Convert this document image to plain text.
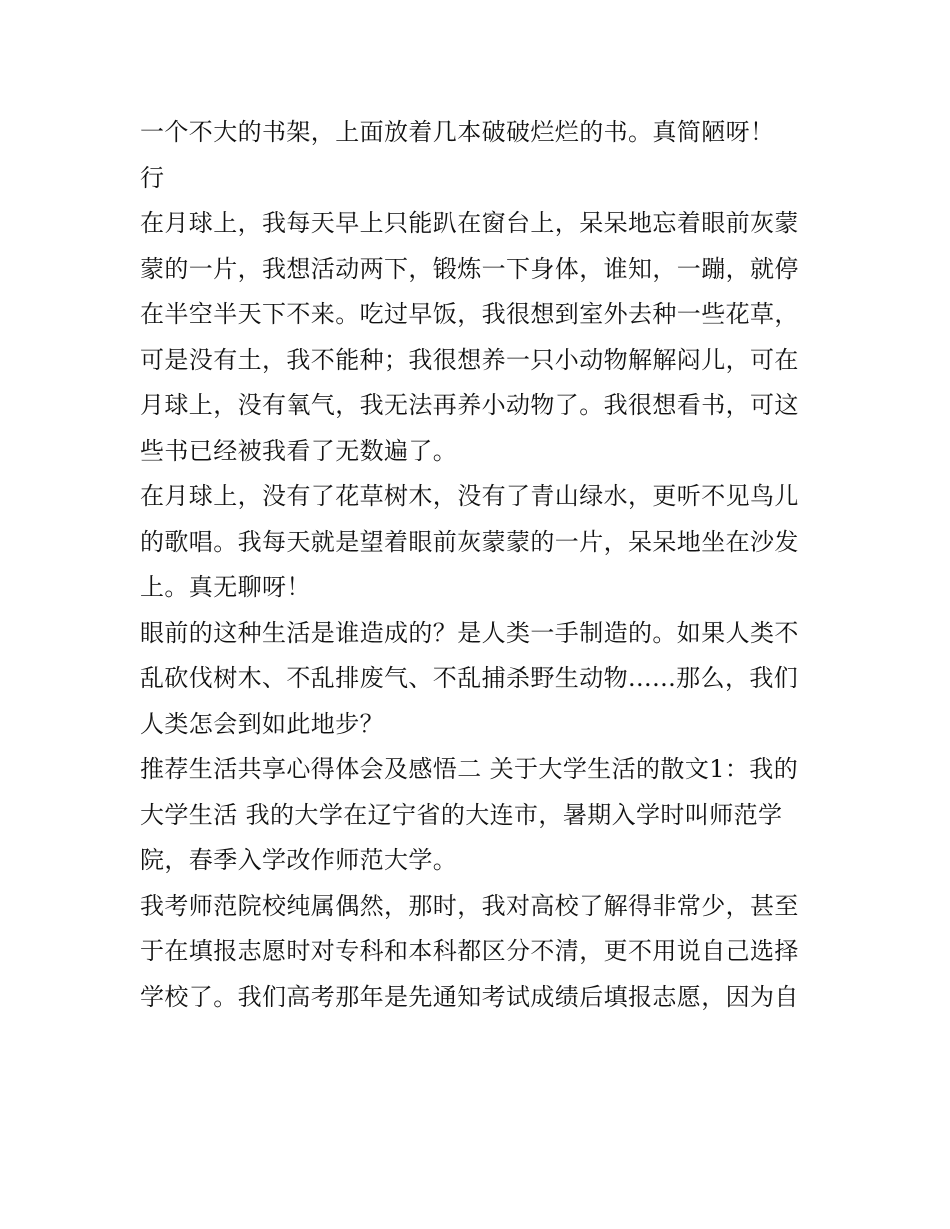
一个不大的书架，上面放着几本破破烂烂的书。真简陋呀！

行

在月球上，我每天早上只能趴在窗台上，呆呆地忘着眼前灰蒙蒙的一片，我想活动两下，锻炼一下身体，谁知，一蹦，就停在半空半天下不来。吃过早饭，我很想到室外去种一些花草，可是没有土，我不能种；我很想养一只小动物解解闷儿，可在月球上，没有氧气，我无法再养小动物了。我很想看书，可这些书已经被我看了无数遍了。

在月球上，没有了花草树木，没有了青山绿水，更听不见鸟儿的歌唱。我每天就是望着眼前灰蒙蒙的一片，呆呆地坐在沙发上。真无聊呀！

眼前的这种生活是谁造成的？是人类一手制造的。如果人类不乱砍伐树木、不乱排废气、不乱捕杀野生动物......那么，我们人类怎会到如此地步？

推荐生活共享心得体会及感悟二 关于大学生活的散文1：我的大学生活 我的大学在辽宁省的大连市，暑期入学时叫师范学院，春季入学改作师范大学。

我考师范院校纯属偶然，那时，我对高校了解得非常少，甚至于在填报志愿时对专科和本科都区分不清，更不用说自己选择学校了。我们高考那年是先通知考试成绩后填报志愿，因为自
